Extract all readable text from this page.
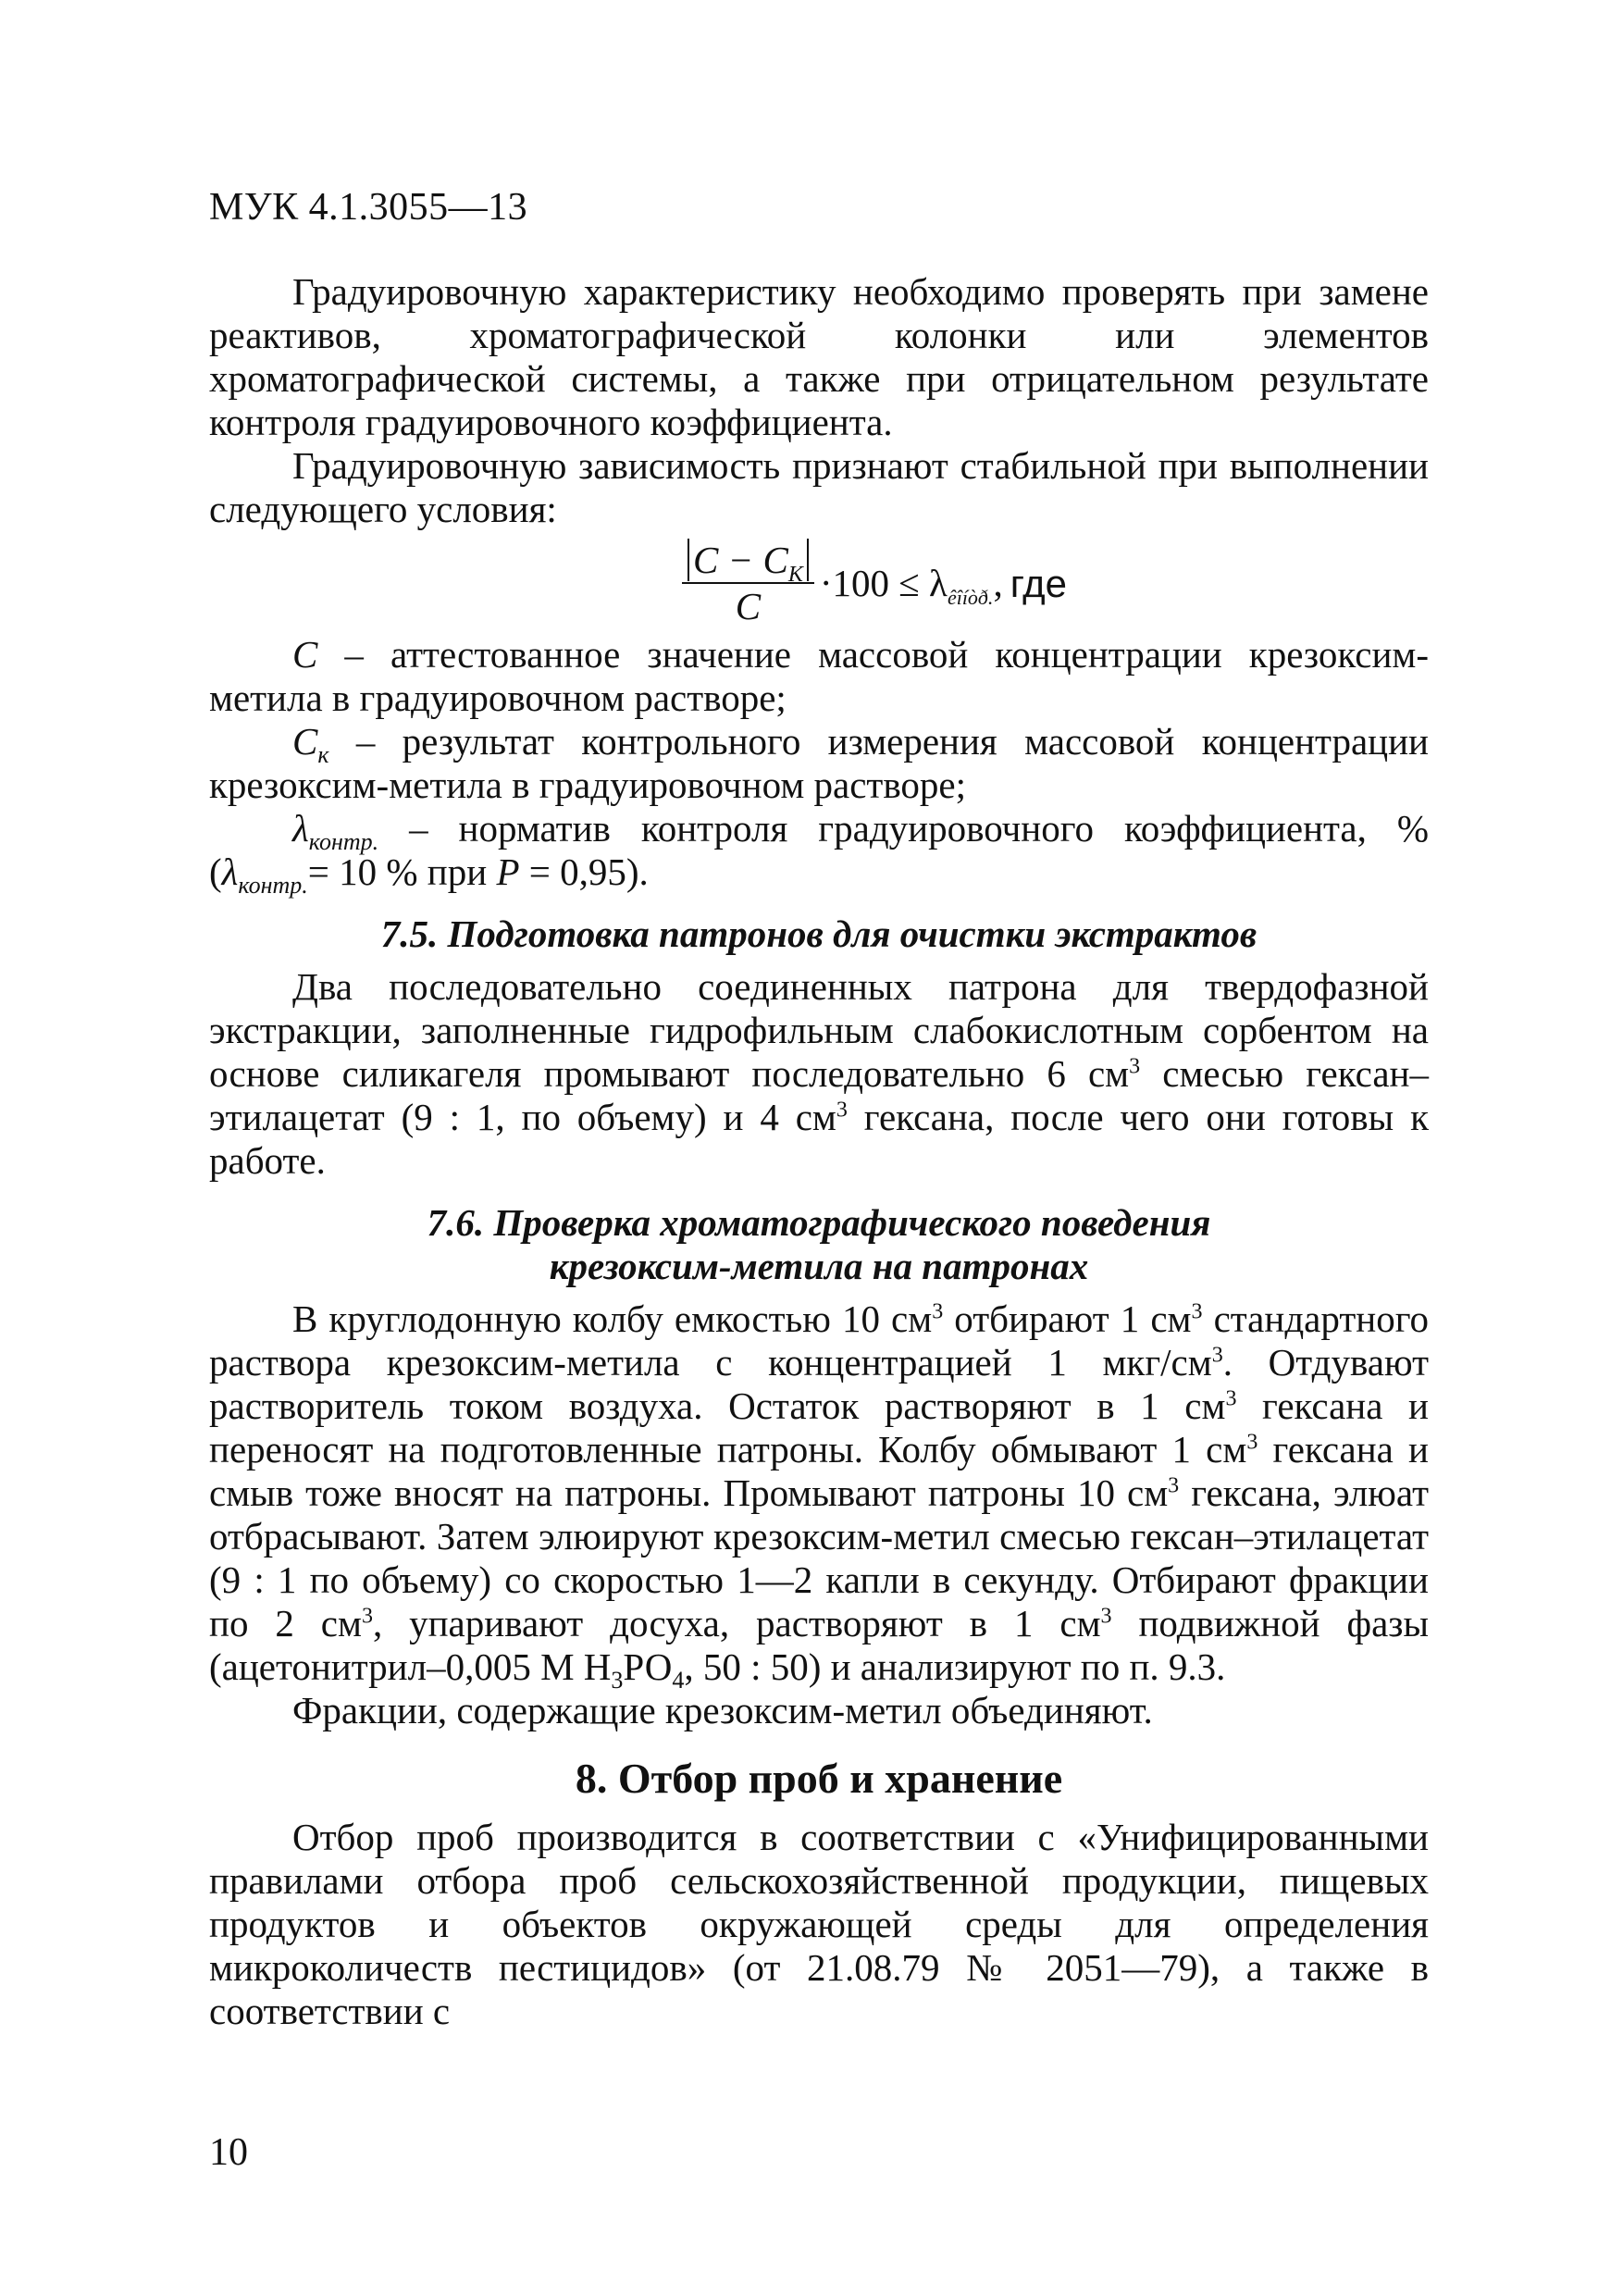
МУК 4.1.3055—13

Градуировочную характеристику необходимо проверять при замене реактивов, хроматографической колонки или элементов хроматографической системы, а также при отрицательном результате контроля градуировочного коэффициента.

Градуировочную зависимость признают стабильной при выполнении следующего условия:

$\frac{C - C_K}{C} \cdot 100 \le \lambda_{êîíòð.}$, где

С – аттестованное значение массовой концентрации крезоксим-метила в градуировочном растворе;

$С_к$ – результат контрольного измерения массовой концентрации крезоксим-метила в градуировочном растворе;

$\lambda_{контр.}$ – норматив контроля градуировочного коэффициента, % ($\lambda_{контр.}= 10$ % при Р = 0,95).

7.5. Подготовка патронов для очистки экстрактов

Два последовательно соединенных патрона для твердофазной экстракции, заполненные гидрофильным слабокислотным сорбентом на основе силикагеля промывают последовательно 6 $см^3$ смесью гексан–этилацетат (9 : 1, по объему) и 4 $см^3$ гексана, после чего они готовы к работе.

7.6. Проверка хроматографического поведения
крезоксим-метила на патронах

В круглодонную колбу емкостью 10 $см^3$ отбирают 1 $см^3$ стандартного раствора крезоксим-метила с концентрацией 1 мкг/$см^3$. Отдувают растворитель током воздуха. Остаток растворяют в 1 $см^3$ гексана и переносят на подготовленные патроны. Колбу обмывают 1 $см^3$ гексана и смыв тоже вносят на патроны. Промывают патроны 10 $см^3$ гексана, элюат отбрасывают. Затем элюируют крезоксим-метил смесью гексан–этилацетат (9 : 1 по объему) со скоростью 1—2 капли в секунду. Отбирают фракции по 2 $см^3$, упаривают досуха, растворяют в 1 $см^3$ подвижной фазы (ацетонитрил–0,005 М $Н_3РО_4$, 50 : 50) и анализируют по п. 9.3.

Фракции, содержащие крезоксим-метил объединяют.

8. Отбор проб и хранение

Отбор проб производится в соответствии с «Унифицированными правилами отбора проб сельскохозяйственной продукции, пищевых продуктов и объектов окружающей среды для определения микроколичеств пестицидов» (от 21.08.79 № 2051—79), а также в соответствии с

10
